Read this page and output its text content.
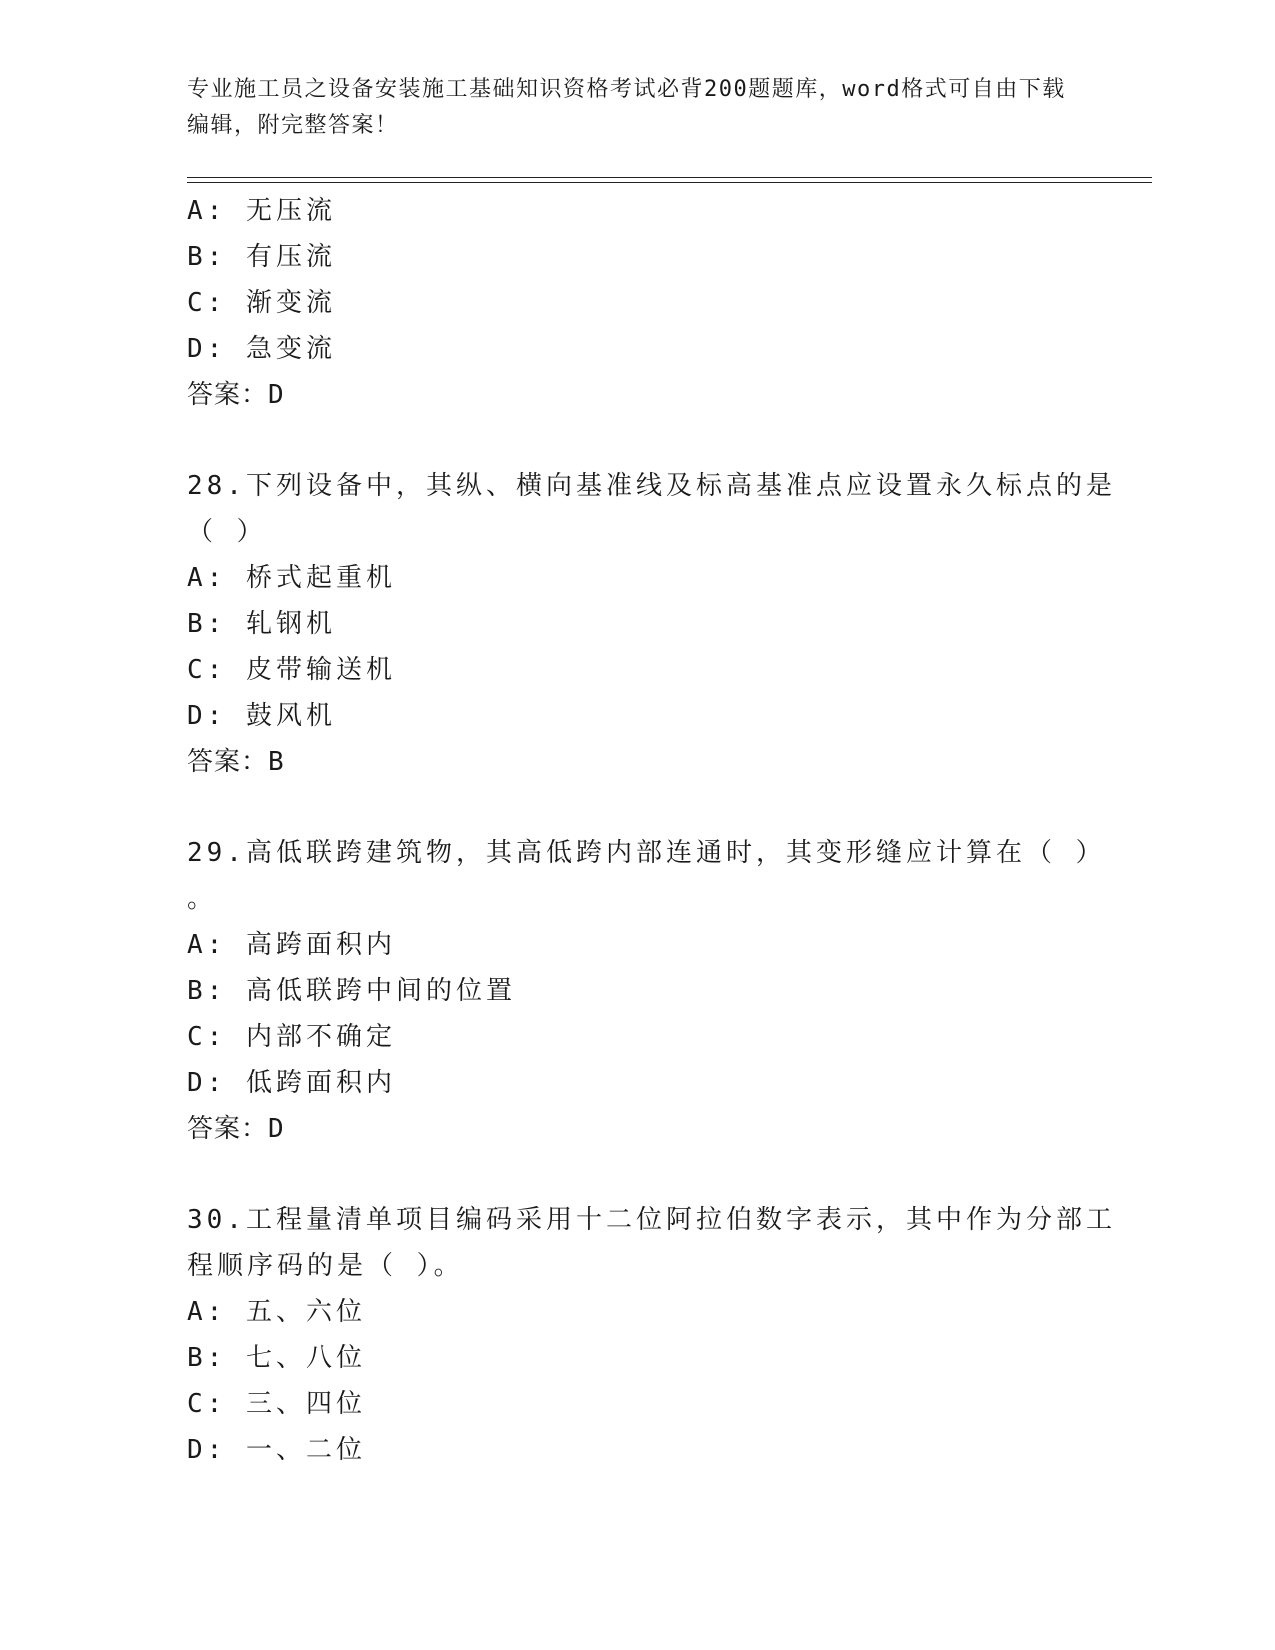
专业施工员之设备安装施工基础知识资格考试必背200题题库，word格式可自由下载编辑，附完整答案！
A: 无压流
B: 有压流
C: 渐变流
D: 急变流
答案：D
28.下列设备中，其纵、横向基准线及标高基准点应设置永久标点的是
（ ）
A: 桥式起重机
B: 轧钢机
C: 皮带输送机
D: 鼓风机
答案：B
29.高低联跨建筑物，其高低跨内部连通时，其变形缝应计算在（ ）
。
A: 高跨面积内
B: 高低联跨中间的位置
C: 内部不确定
D: 低跨面积内
答案：D
30.工程量清单项目编码采用十二位阿拉伯数字表示，其中作为分部工
程顺序码的是（ ）。
A: 五、六位
B: 七、八位
C: 三、四位
D: 一、二位
